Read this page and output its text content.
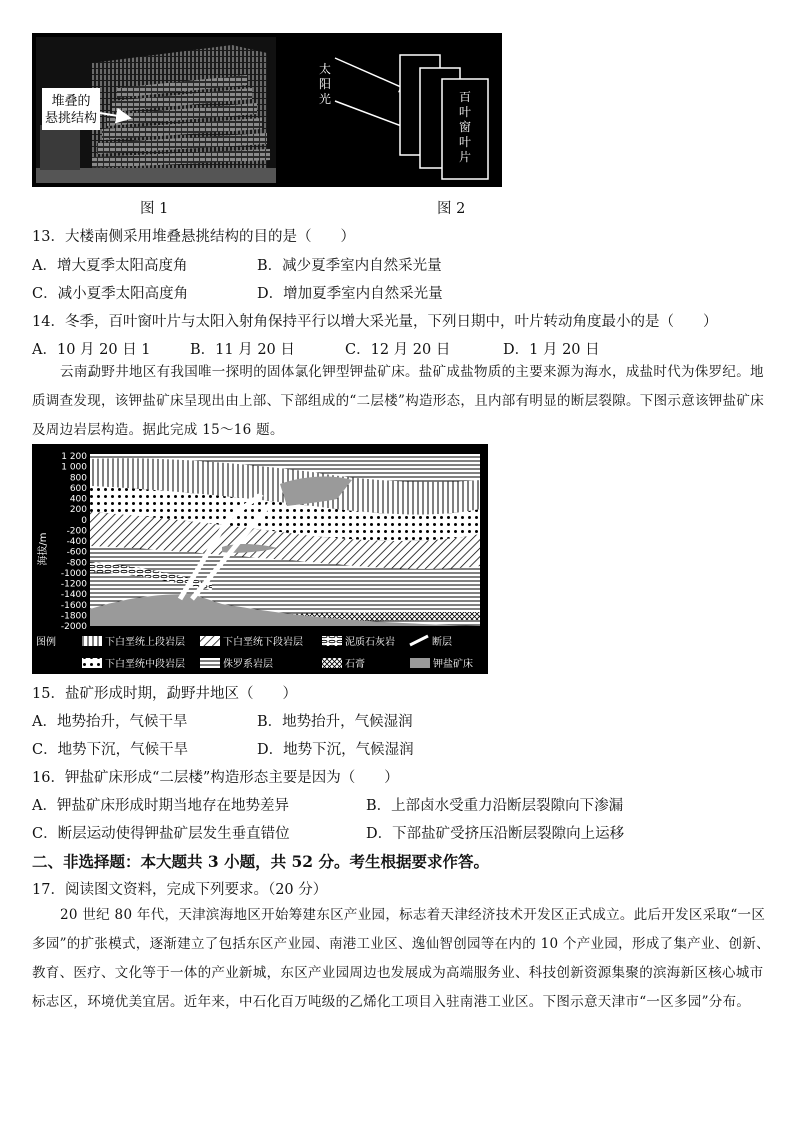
堆叠的
悬挑结构
太
阳
光	百
叶
窗
叶
片
图 1	图 2
13．大楼南侧采用堆叠悬挑结构的目的是（　　）
A．增大夏季太阳高度角	B．减少夏季室内自然采光量
C．减小夏季太阳高度角	D．增加夏季室内自然采光量
14．冬季，百叶窗叶片与太阳入射角保持平行以增大采光量，下列日期中，叶片转动角度最小的是（　　）
A．10 月 20 日 1	B．11 月 20 日	C．12 月 20 日	D．1 月 20 日
云南勐野井地区有我国唯一探明的固体氯化钾型钾盐矿床。盐矿成盐物质的主要来源为海水，成盐时代为侏罗纪。地质调查发现，该钾盐矿床呈现出由上部、下部组成的“二层楼”构造形态，且内部有明显的断层裂隙。下图示意该钾盐矿床及周边岩层构造。据此完成 15～16 题。
海拔/m
1 200
1 000
800
600
400
200
0
-200
-400
-600
-800
-1000
-1200
-1400
-1600
-1800
-2000
图例	下白垩统上段岩层	下白垩统下段岩层	泥质石灰岩	断层
下白垩统中段岩层	侏罗系岩层	石膏	钾盐矿床
15．盐矿形成时期，勐野井地区（　　）
A．地势抬升，气候干旱	B．地势抬升，气候湿润
C．地势下沉，气候干旱	D．地势下沉，气候湿润
16．钾盐矿床形成“二层楼”构造形态主要是因为（　　）
A．钾盐矿床形成时期当地存在地势差异	B．上部卤水受重力沿断层裂隙向下渗漏
C．断层运动使得钾盐矿层发生垂直错位	D．下部盐矿受挤压沿断层裂隙向上运移
二、非选择题：本大题共 3 小题，共 52 分。考生根据要求作答。
17．阅读图文资料，完成下列要求。（20 分）
20 世纪 80 年代，天津滨海地区开始筹建东区产业园，标志着天津经济技术开发区正式成立。此后开发区采取“一区多园”的扩张模式，逐渐建立了包括东区产业园、南港工业区、逸仙智创园等在内的 10 个产业园，形成了集产业、创新、教育、医疗、文化等于一体的产业新城，东区产业园周边也发展成为高端服务业、科技创新资源集聚的滨海新区核心城市标志区，环境优美宜居。近年来，中石化百万吨级的乙烯化工项目入驻南港工业区。下图示意天津市“一区多园”分布。
